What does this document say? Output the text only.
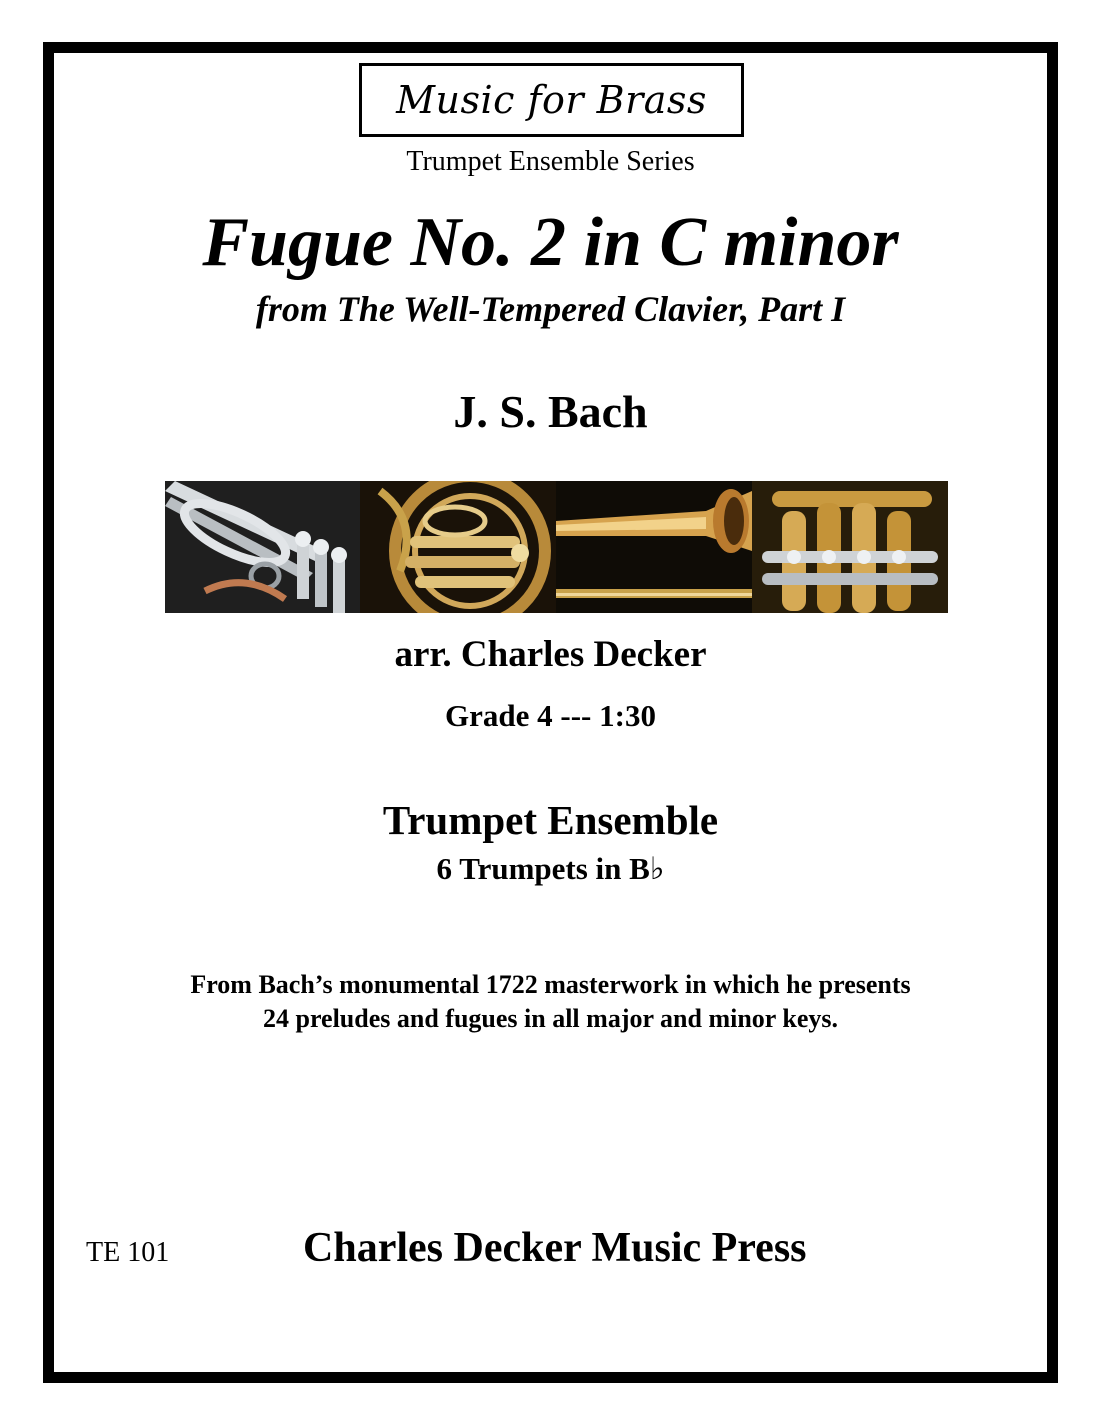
Music for Brass
Trumpet Ensemble Series
Fugue No. 2 in C minor
from The Well-Tempered Clavier, Part I
J. S. Bach
arr. Charles Decker
Grade 4 --- 1:30
Trumpet Ensemble
6 Trumpets in B♭
From Bach’s monumental 1722 masterwork in which he presents
24 preludes and fugues in all major and minor keys.
TE 101	Charles Decker Music Press
